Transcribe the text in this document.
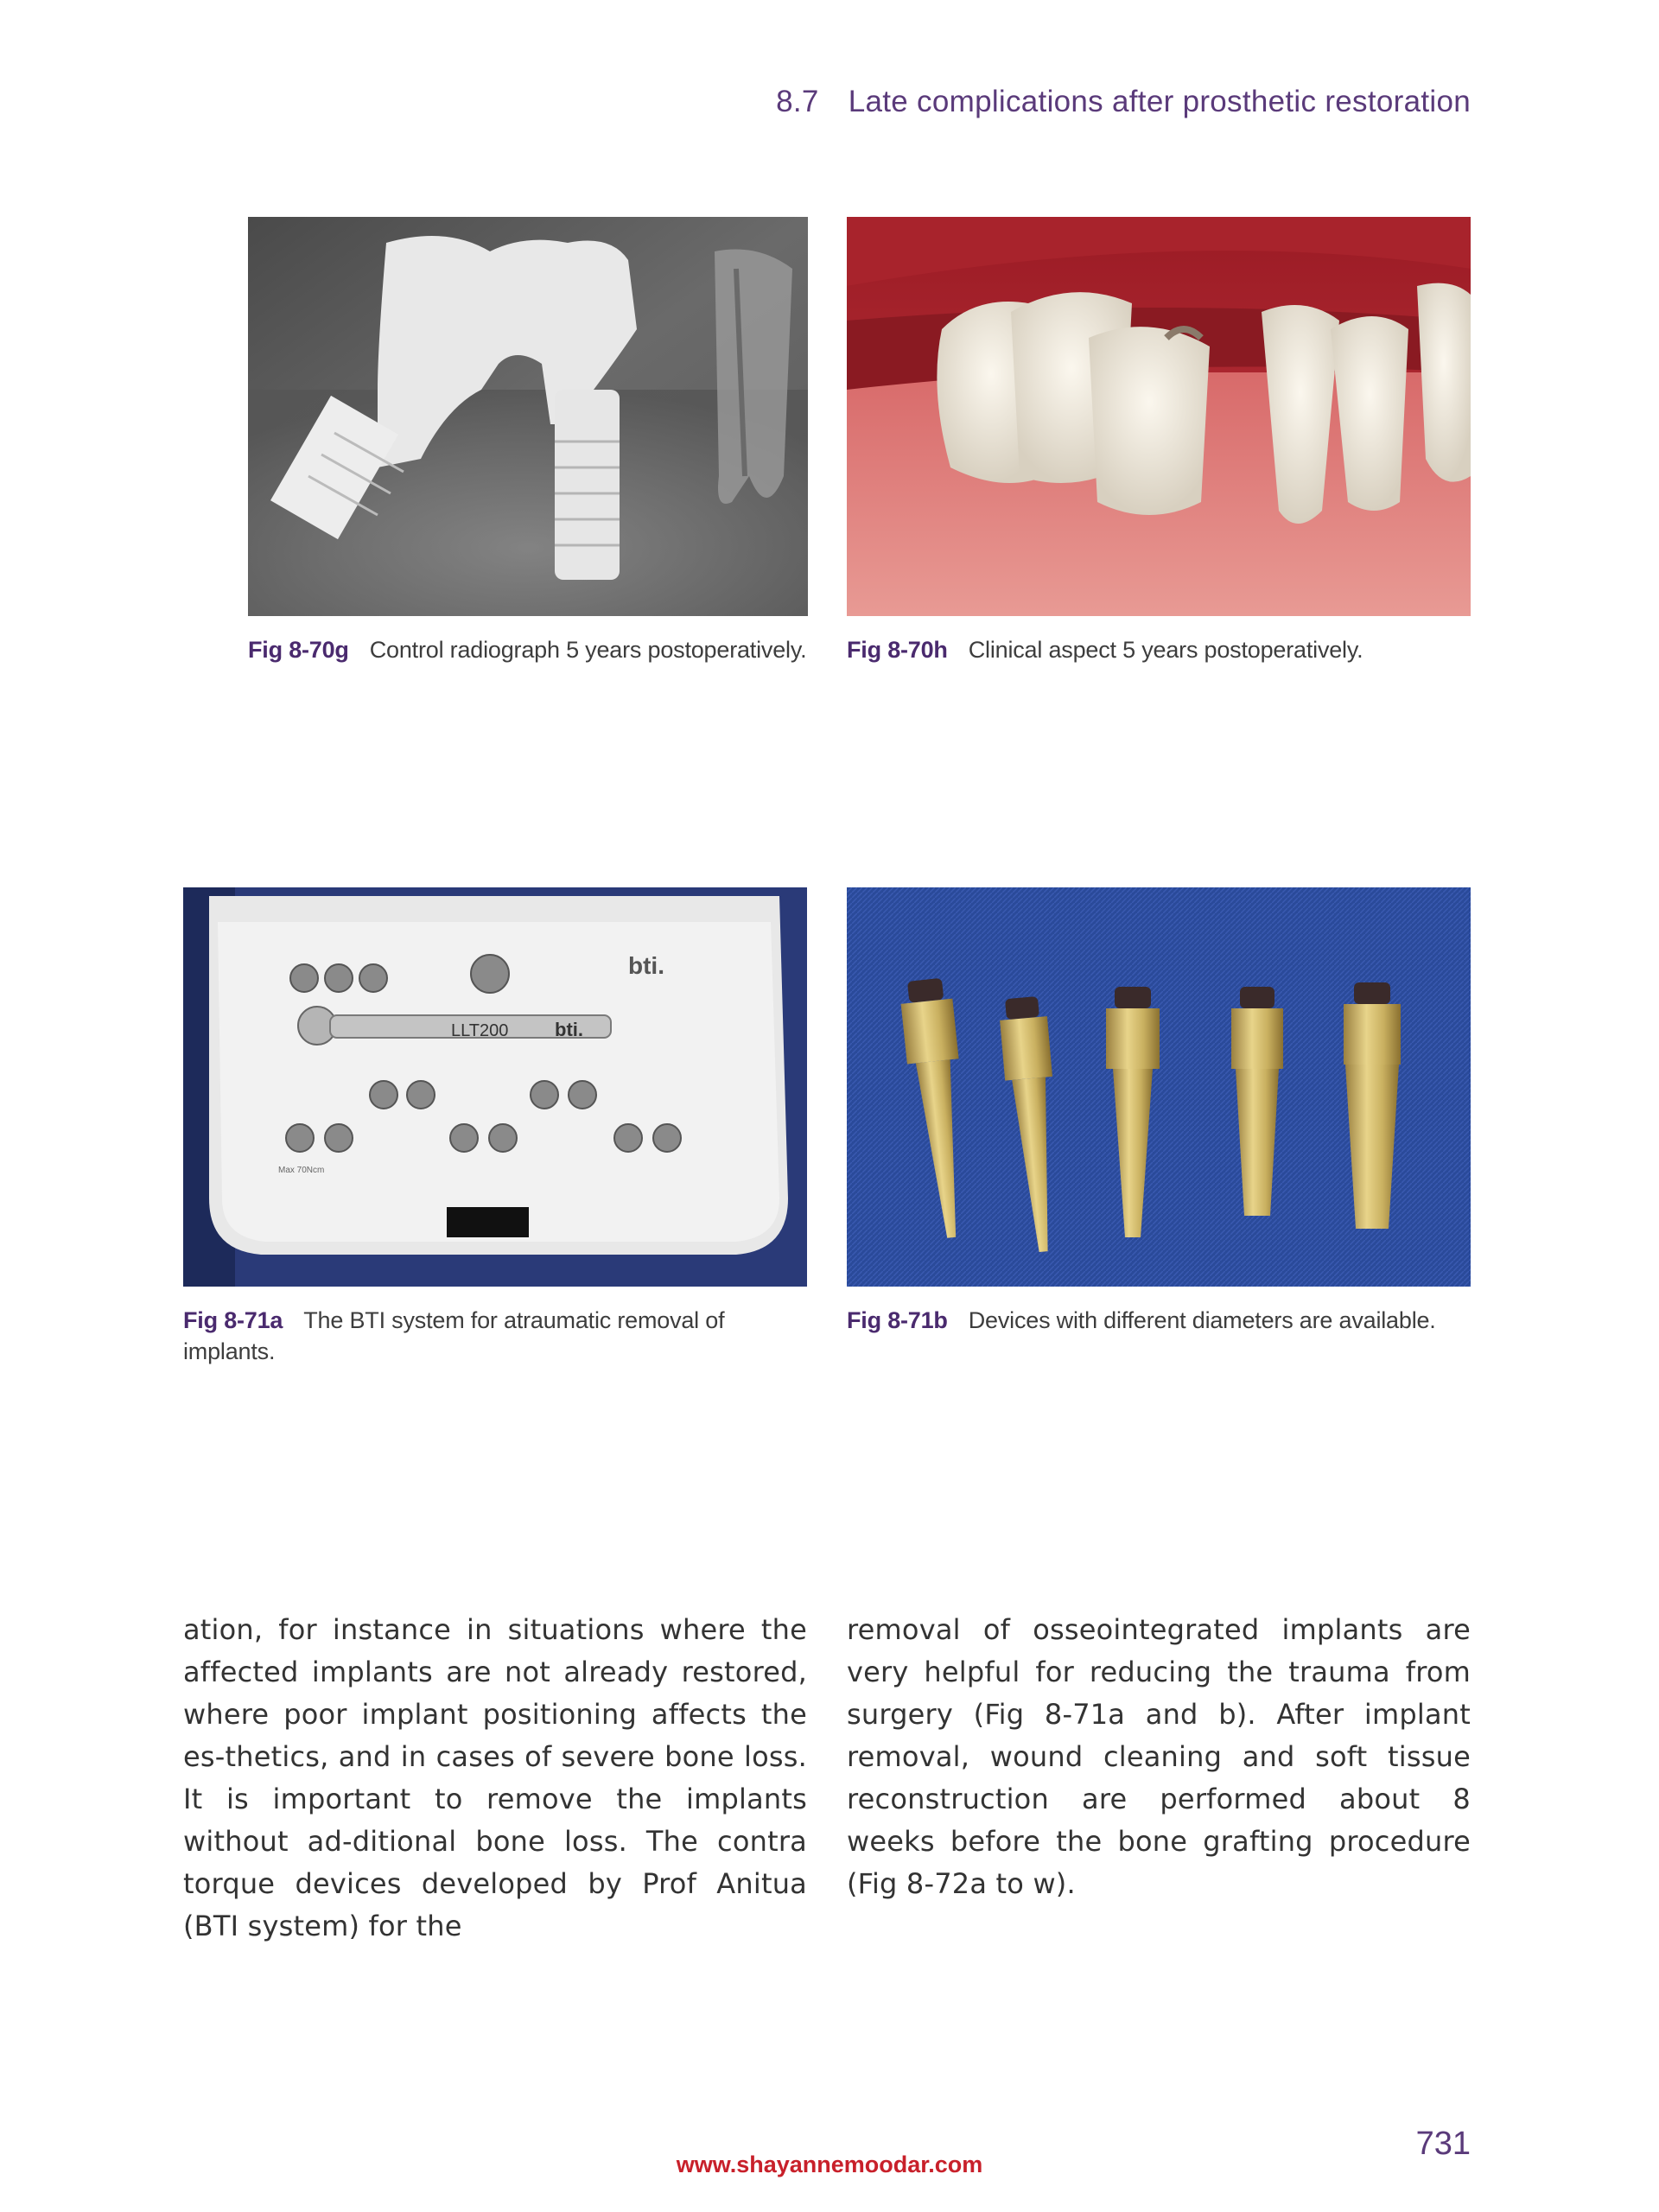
8.7 Late complications after prosthetic restoration
Fig 8-70g Control radiograph 5 years postoperatively.	Fig 8-70h Clinical aspect 5 years postoperatively.
LLT200 bti.
bti.
Max 70Ncm
Fig 8-71a The BTI system for atraumatic removal of implants.
Fig 8-71b Devices with different diameters are available.
ation, for instance in situations where the affected implants are not already restored, where poor implant positioning affects the es-thetics, and in cases of severe bone loss. It is important to remove the implants without ad-ditional bone loss. The contra torque devices developed by Prof Anitua (BTI system) for the
removal of osseointegrated implants are very helpful for reducing the trauma from surgery (Fig 8-71a and b). After implant removal, wound cleaning and soft tissue reconstruction are performed about 8 weeks before the bone grafting procedure (Fig 8-72a to w).
731
www.shayannemoodar.com
